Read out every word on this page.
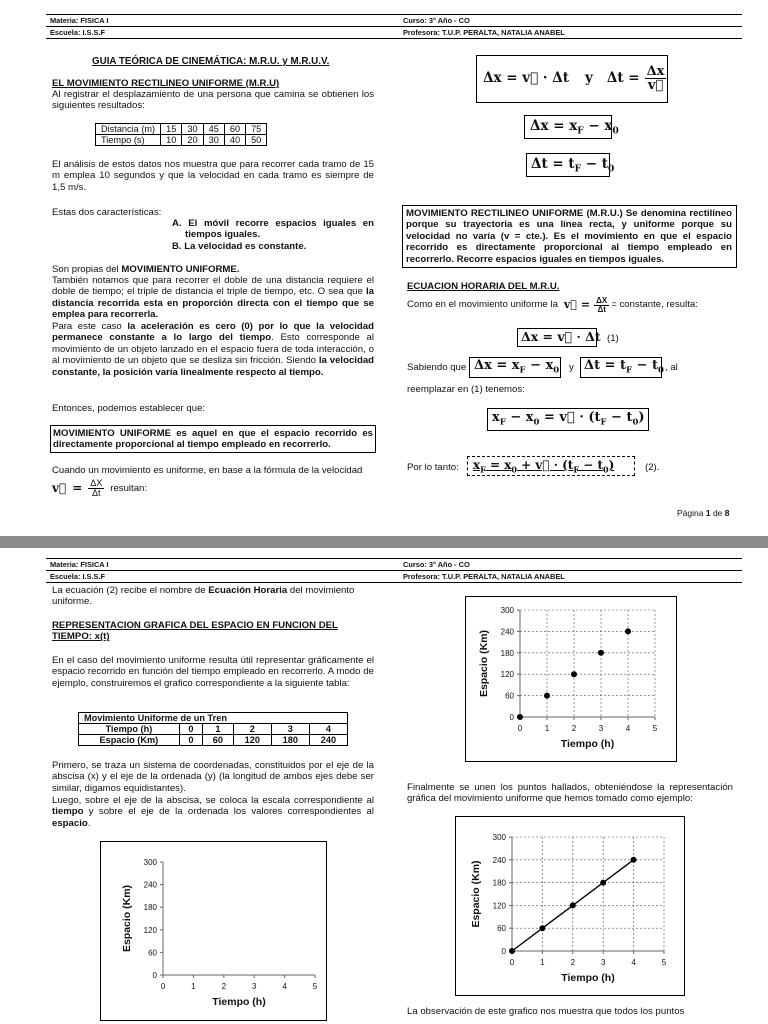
Materia: FISICA I	Curso: 3° Año - CO
Escuela: I.S.S.F	Profesora: T.U.P. PERALTA, NATALIA ANABEL
GUIA TEÓRICA DE CINEMÁTICA: M.R.U. y M.R.U.V.
EL MOVIMIENTO RECTILINEO UNIFORME (M.R.U)
Al registrar el desplazamiento de una persona que camina se obtienen los siguientes resultados:
Distancia (m)	15	30	45	60	75
Tiempo (s)	10	20	30	40	50
El análisis de estos datos nos muestra que para recorrer cada tramo de 15 m emplea 10 segundos y que la velocidad en cada tramo es siempre de 1,5 m/s.
Estas dos características:
A. El móvil recorre espacios iguales en tiempos iguales.
B. La velocidad es constante.
Son propias del MOVIMIENTO UNIFORME.
También notamos que para recorrer el doble de una distancia requiere el doble de tiempo; el triple de distancia el triple de tiempo, etc. O sea que la distancia recorrida esta en proporción directa con el tiempo que se emplea para recorrerla.
Para este caso la aceleración es cero (0) por lo que la velocidad permanece constante a lo largo del tiempo. Esto corresponde al movimiento de un objeto lanzado en el espacio fuera de toda interacción, o al movimiento de un objeto que se desliza sin fricción. Siendo la velocidad constante, la posición varía linealmente respecto al tiempo.
Entonces, podemos establecer que:
MOVIMIENTO UNIFORME es aquel en que el espacio recorrido es directamente proporcional al tiempo empleado en recorrerlo.
Cuando un movimiento es uniforme, en base a la fórmula de la velocidad
v⃗ = $\frac{\Delta X}{\Delta t}$ resultan:
Δx = v⃗ · Δt y $\Delta t = \frac{\Delta x}{v⃗}$
$\Delta x = x_F - x_0$
$\Delta t = t_F - t_0$
MOVIMIENTO RECTILINEO UNIFORME (M.R.U.) Se denomina rectilíneo porque su trayectoria es una línea recta, y uniforme porque su velocidad no varía (v = cte.). Es el movimiento en que el espacio recorrido es directamente proporcional al tiempo empleado en recorrerlo. Recorre espacios iguales en tiempos iguales.
ECUACION HORARIA DEL M.R.U.
Como en el movimiento uniforme la v⃗ = $\frac{\Delta X}{\Delta t}$ = constante, resulta:
Δx = v⃗ · Δt (1)
Sabiendo que $\Delta x = x_F - x_0$ y $\Delta t = t_F - t_0$ , al
reemplazar en (1) tenemos:
$x_F - x_0$ = v⃗ · $(t_F - t_0)$
Por lo tanto: $x_F = x_0$ + v⃗ · $(t_F - t_0)$	(2).
Página 1 de 8
Materia: FISICA I	Curso: 3° Año - CO
Escuela: I.S.S.F	Profesora: T.U.P. PERALTA, NATALIA ANABEL
La ecuación (2) recibe el nombre de Ecuación Horaria del movimiento uniforme.
REPRESENTACION GRAFICA DEL ESPACIO EN FUNCION DEL TIEMPO: x(t)
En el caso del movimiento uniforme resulta útil representar gráficamente el espacio recorrido en función del tiempo empleado en recorrerlo. A modo de ejemplo, construiremos el grafico correspondiente a la siguiente tabla:
Movimiento Uniforme de un Tren					
Tiempo (h)	0	1	2	3	4
Espacio (Km)	0	60	120	180	240
Primero, se traza un sistema de coordenadas, constituidos por el eje de la abscisa (x) y el eje de la ordenada (y) (la longitud de ambos ejes debe ser similar, digamos equidistantes).
Luego, sobre el eje de la abscisa, se coloca la escala correspondiente al tiempo y sobre el eje de la ordenada los valores correspondientes al espacio.
Finalmente se unen los puntos hallados, obteniéndose la representación gráfica del movimiento uniforme que hemos tomado como ejemplo:
La observación de este grafico nos muestra que todos los puntos
0	1	2	3	4	5
0
60
120
180
240
300
Tiempo (h)
Espacio (Km)
0	1	2	3	4	5
0
60
120
180
240
300
Tiempo (h)
Espacio (Km)
0	1	2	3	4	5
0
60
120
180
240
300
Tiempo (h)
Espacio (Km)
